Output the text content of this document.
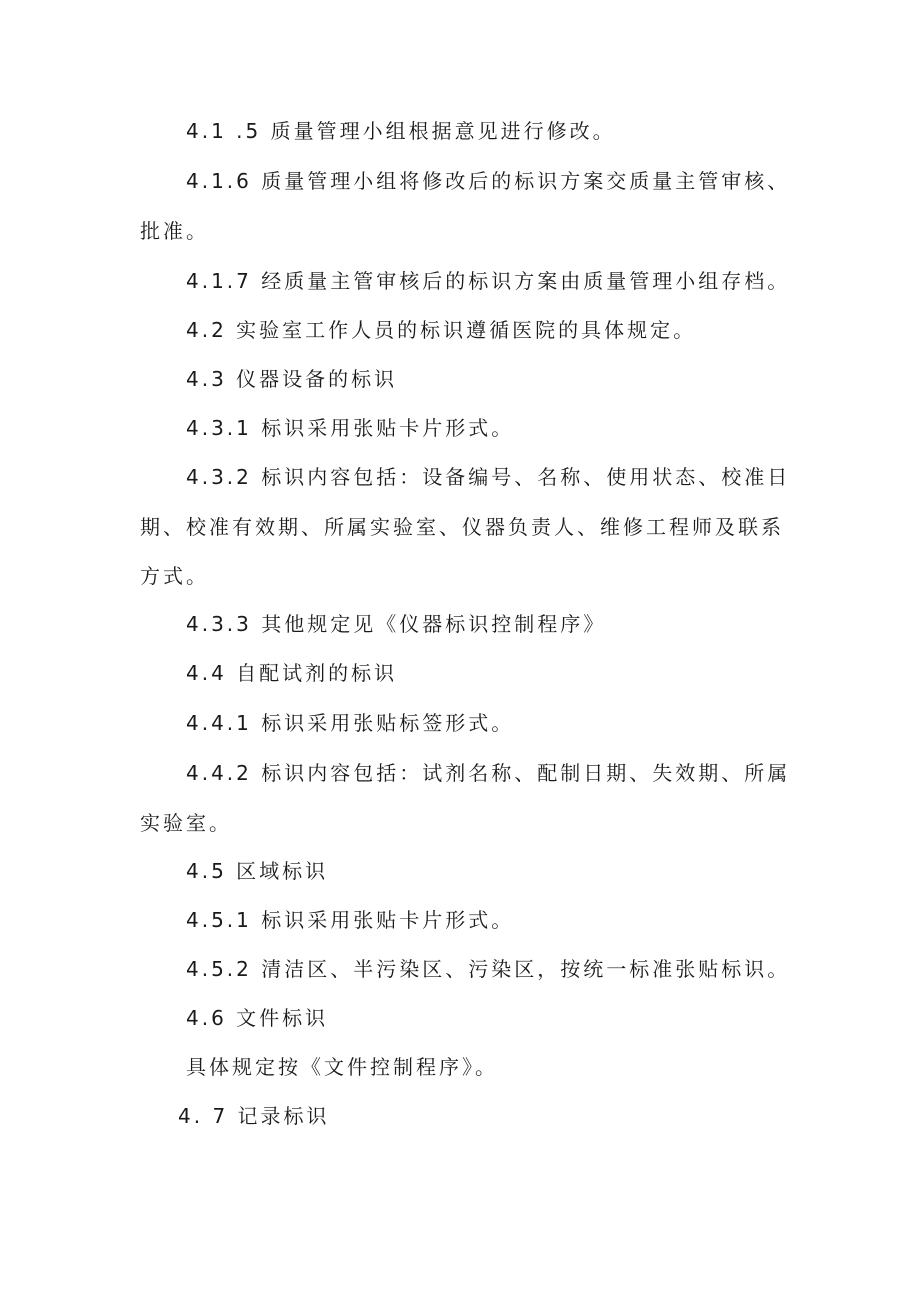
4.1 .5 质量管理小组根据意见进行修改。
4.1.6 质量管理小组将修改后的标识方案交质量主管审核、
批准。
4.1.7 经质量主管审核后的标识方案由质量管理小组存档。
4.2 实验室工作人员的标识遵循医院的具体规定。
4.3 仪器设备的标识
4.3.1 标识采用张贴卡片形式。
4.3.2 标识内容包括：设备编号、名称、使用状态、校准日
期、校准有效期、所属实验室、仪器负责人、维修工程师及联系
方式。
4.3.3 其他规定见《仪器标识控制程序》
4.4 自配试剂的标识
4.4.1 标识采用张贴标签形式。
4.4.2 标识内容包括：试剂名称、配制日期、失效期、所属
实验室。
4.5 区域标识
4.5.1 标识采用张贴卡片形式。
4.5.2 清洁区、半污染区、污染区，按统一标准张贴标识。
4.6 文件标识
具体规定按《文件控制程序》。
4. 7 记录标识
